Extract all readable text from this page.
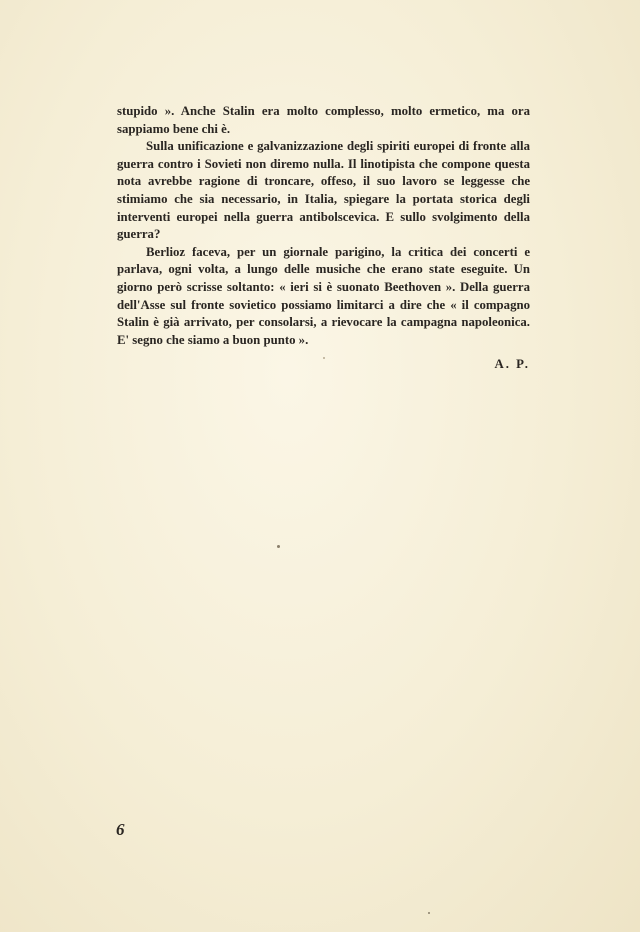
stupido ». Anche Stalin era molto complesso, molto ermetico, ma ora sappiamo bene chi è.

Sulla unificazione e galvanizzazione degli spiriti europei di fronte alla guerra contro i Sovieti non diremo nulla. Il linotipista che compone questa nota avrebbe ragione di troncare, offeso, il suo lavoro se leggesse che stimiamo che sia necessario, in Italia, spiegare la portata storica degli interventi europei nella guerra antibolscevica. E sullo svolgimento della guerra?

Berlioz faceva, per un giornale parigino, la critica dei concerti e parlava, ogni volta, a lungo delle musiche che erano state eseguite. Un giorno però scrisse soltanto: « ieri si è suonato Beethoven ». Della guerra dell'Asse sul fronte sovietico possiamo limitarci a dire che « il compagno Stalin è già arrivato, per consolarsi, a rievocare la campagna napoleonica. E' segno che siamo a buon punto ».

A. P.
6
